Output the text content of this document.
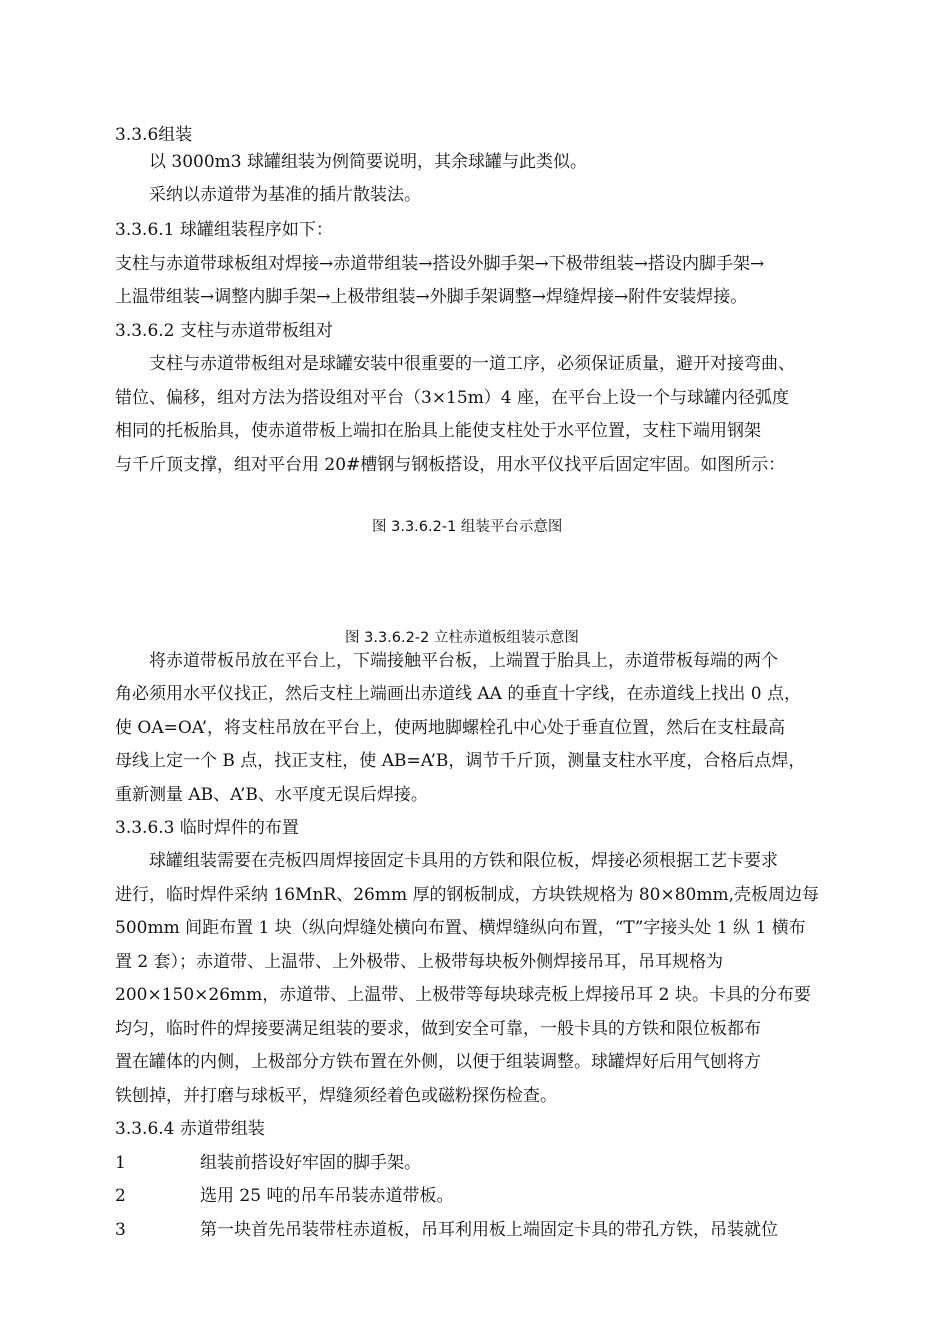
3.3.6组装
以 3000m3 球罐组装为例简要说明，其余球罐与此类似。
采纳以赤道带为基准的插片散装法。
3.3.6.1 球罐组装程序如下：
支柱与赤道带球板组对焊接→赤道带组装→搭设外脚手架→下极带组装→搭设内脚手架→
上温带组装→调整内脚手架→上极带组装→外脚手架调整→焊缝焊接→附件安装焊接。
3.3.6.2 支柱与赤道带板组对
支柱与赤道带板组对是球罐安装中很重要的一道工序，必须保证质量，避开对接弯曲、
错位、偏移，组对方法为搭设组对平台（3×15m）4 座，在平台上设一个与球罐内径弧度
相同的托板胎具，使赤道带板上端扣在胎具上能使支柱处于水平位置，支柱下端用钢架
与千斤顶支撑，组对平台用 20#槽钢与钢板搭设，用水平仪找平后固定牢固。如图所示：
图 3.3.6.2-1 组装平台示意图
图 3.3.6.2-2 立柱赤道板组装示意图
将赤道带板吊放在平台上，下端接触平台板，上端置于胎具上，赤道带板每端的两个
角必须用水平仪找正，然后支柱上端画出赤道线 AA 的垂直十字线，在赤道线上找出 0 点，
使 OA=OA’，将支柱吊放在平台上，使两地脚螺栓孔中心处于垂直位置，然后在支柱最高
母线上定一个 B 点，找正支柱，使 AB=A’B，调节千斤顶，测量支柱水平度，合格后点焊，
重新测量 AB、A’B、水平度无误后焊接。
3.3.6.3 临时焊件的布置
球罐组装需要在壳板四周焊接固定卡具用的方铁和限位板，焊接必须根据工艺卡要求
进行，临时焊件采纳 16MnR、26mm 厚的钢板制成，方块铁规格为 80×80mm,壳板周边每
500mm 间距布置 1 块（纵向焊缝处横向布置、横焊缝纵向布置，“T”字接头处 1 纵 1 横布
置 2 套）；赤道带、上温带、上外极带、上极带每块板外侧焊接吊耳，吊耳规格为
200×150×26mm，赤道带、上温带、上极带等每块球壳板上焊接吊耳 2 块。卡具的分布要
均匀，临时件的焊接要满足组装的要求，做到安全可靠，一般卡具的方铁和限位板都布
置在罐体的内侧，上极部分方铁布置在外侧，以便于组装调整。球罐焊好后用气刨将方
铁刨掉，并打磨与球板平，焊缝须经着色或磁粉探伤检查。
3.3.6.4 赤道带组装
1	组装前搭设好牢固的脚手架。
2	选用 25 吨的吊车吊装赤道带板。
3	第一块首先吊装带柱赤道板，吊耳利用板上端固定卡具的带孔方铁，吊装就位
